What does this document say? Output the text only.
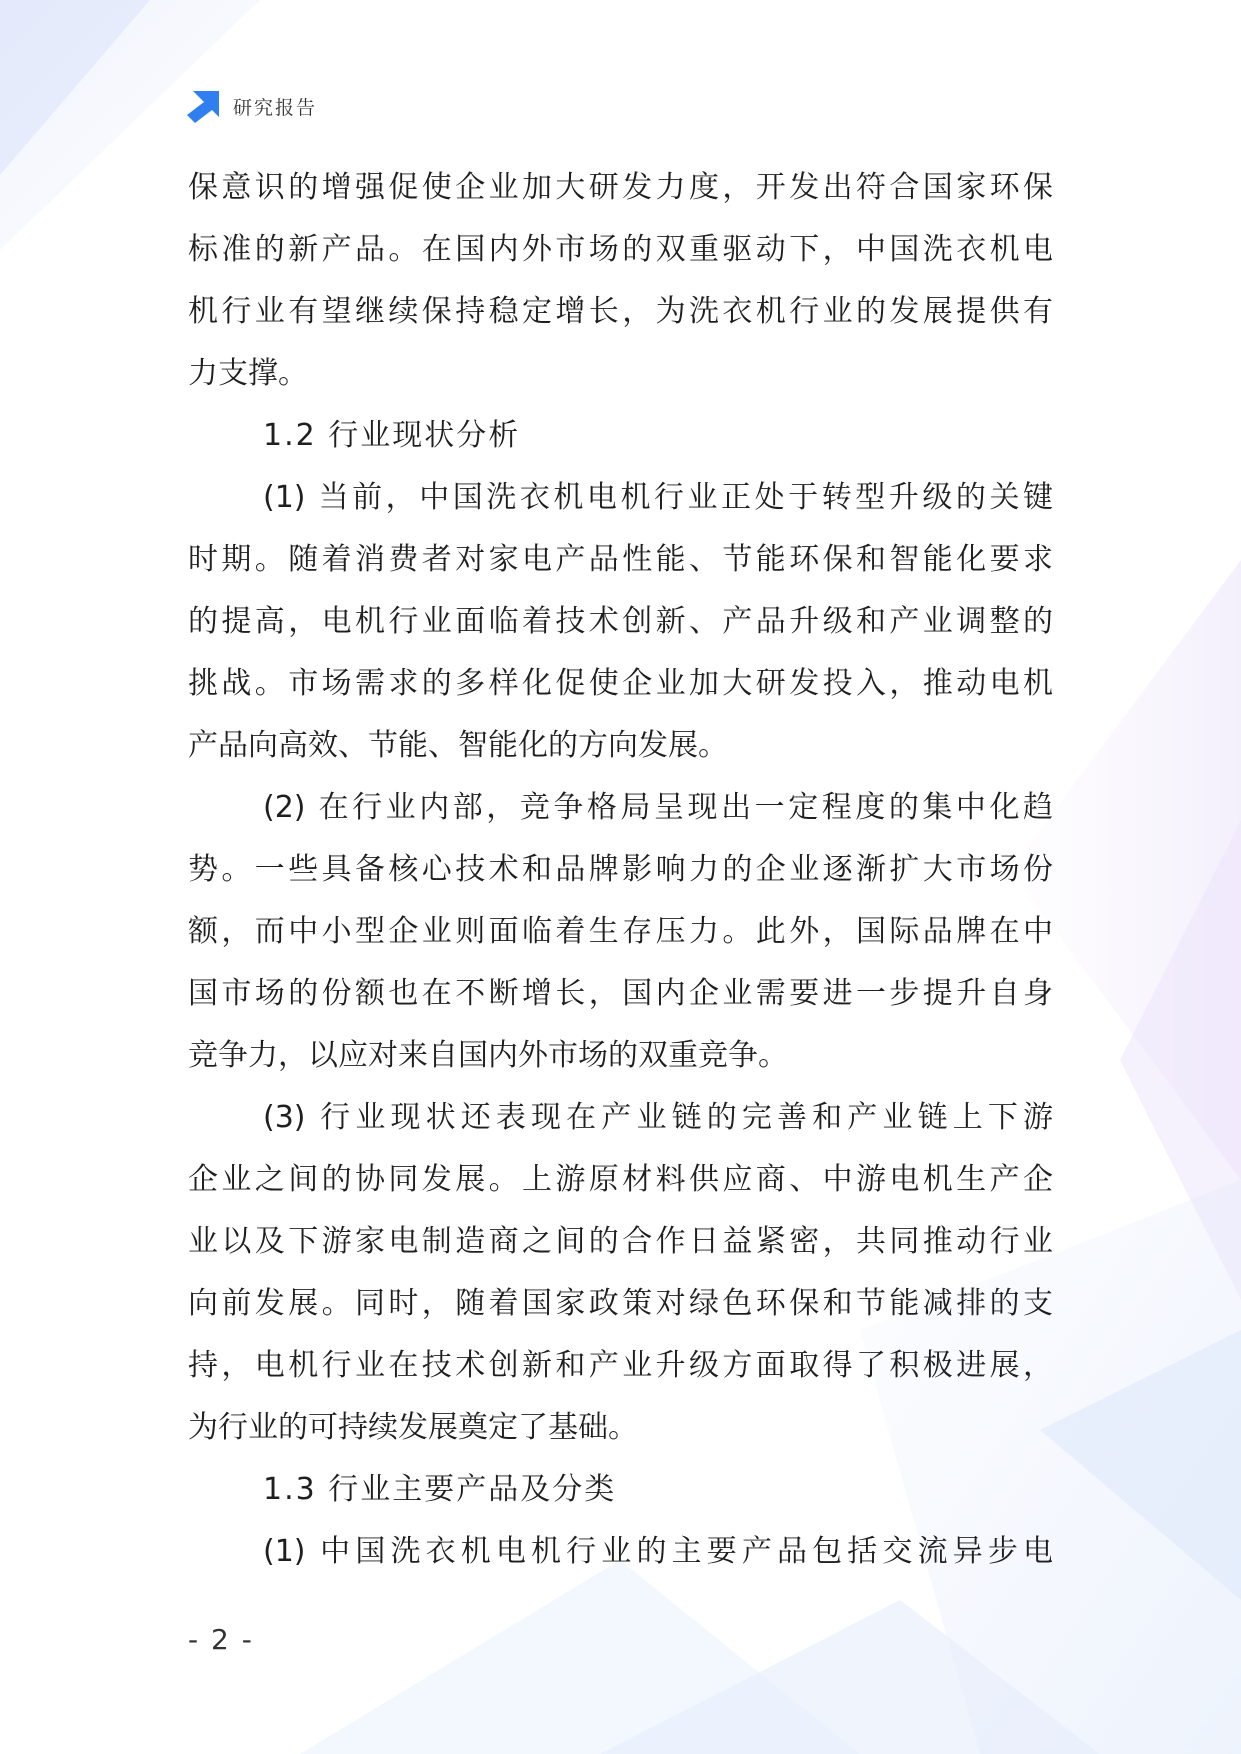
研究报告
保意识的增强促使企业加大研发力度，开发出符合国家环保
标准的新产品。在国内外市场的双重驱动下，中国洗衣机电
机行业有望继续保持稳定增长，为洗衣机行业的发展提供有
力支撑。
1.2 行业现状分析
(1) 当前，中国洗衣机电机行业正处于转型升级的关键
时期。随着消费者对家电产品性能、节能环保和智能化要求
的提高，电机行业面临着技术创新、产品升级和产业调整的
挑战。市场需求的多样化促使企业加大研发投入，推动电机
产品向高效、节能、智能化的方向发展。
(2) 在行业内部，竞争格局呈现出一定程度的集中化趋
势。一些具备核心技术和品牌影响力的企业逐渐扩大市场份
额，而中小型企业则面临着生存压力。此外，国际品牌在中
国市场的份额也在不断增长，国内企业需要进一步提升自身
竞争力，以应对来自国内外市场的双重竞争。
(3) 行业现状还表现在产业链的完善和产业链上下游
企业之间的协同发展。上游原材料供应商、中游电机生产企
业以及下游家电制造商之间的合作日益紧密，共同推动行业
向前发展。同时，随着国家政策对绿色环保和节能减排的支
持，电机行业在技术创新和产业升级方面取得了积极进展，
为行业的可持续发展奠定了基础。
1.3 行业主要产品及分类
(1) 中国洗衣机电机行业的主要产品包括交流异步电
- 2 -
